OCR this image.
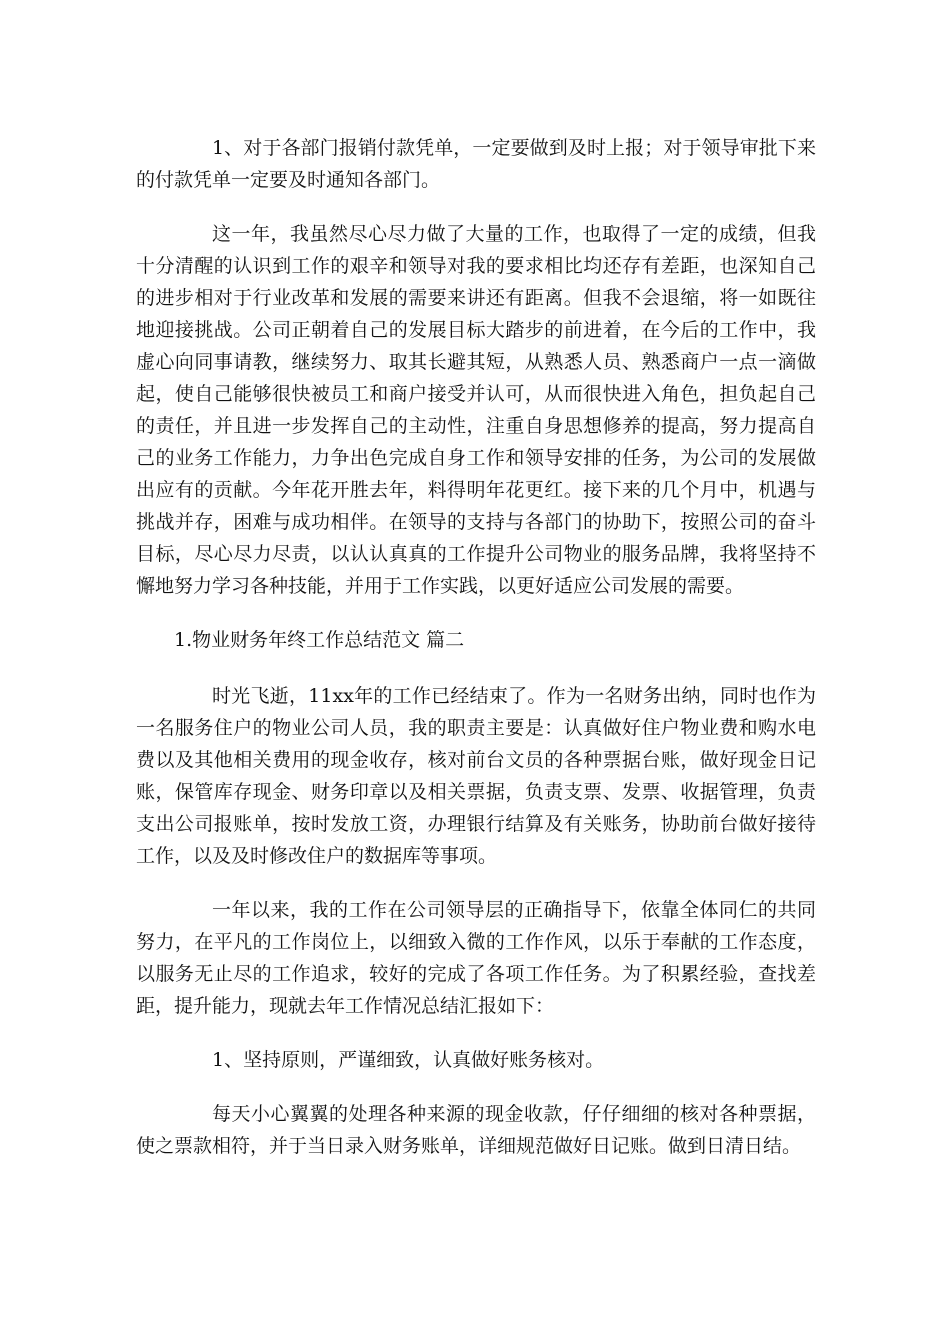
1、对于各部门报销付款凭单，一定要做到及时上报；对于领导审批下来的付款凭单一定要及时通知各部门。

这一年，我虽然尽心尽力做了大量的工作，也取得了一定的成绩，但我十分清醒的认识到工作的艰辛和领导对我的要求相比均还存有差距，也深知自己的进步相对于行业改革和发展的需要来讲还有距离。但我不会退缩，将一如既往地迎接挑战。公司正朝着自己的发展目标大踏步的前进着，在今后的工作中，我虚心向同事请教，继续努力、取其长避其短，从熟悉人员、熟悉商户一点一滴做起，使自己能够很快被员工和商户接受并认可，从而很快进入角色，担负起自己的责任，并且进一步发挥自己的主动性，注重自身思想修养的提高，努力提高自己的业务工作能力，力争出色完成自身工作和领导安排的任务，为公司的发展做出应有的贡献。今年花开胜去年，料得明年花更红。接下来的几个月中，机遇与挑战并存，困难与成功相伴。在领导的支持与各部门的协助下，按照公司的奋斗目标，尽心尽力尽责，以认认真真的工作提升公司物业的服务品牌，我将坚持不懈地努力学习各种技能，并用于工作实践，以更好适应公司发展的需要。

1.物业财务年终工作总结范文 篇二

时光飞逝，11xx年的工作已经结束了。作为一名财务出纳，同时也作为一名服务住户的物业公司人员，我的职责主要是：认真做好住户物业费和购水电费以及其他相关费用的现金收存，核对前台文员的各种票据台账，做好现金日记账，保管库存现金、财务印章以及相关票据，负责支票、发票、收据管理，负责支出公司报账单，按时发放工资，办理银行结算及有关账务，协助前台做好接待工作，以及及时修改住户的数据库等事项。

一年以来，我的工作在公司领导层的正确指导下，依靠全体同仁的共同努力，在平凡的工作岗位上，以细致入微的工作作风，以乐于奉献的工作态度，以服务无止尽的工作追求，较好的完成了各项工作任务。为了积累经验，查找差距，提升能力，现就去年工作情况总结汇报如下：

1、坚持原则，严谨细致，认真做好账务核对。

每天小心翼翼的处理各种来源的现金收款，仔仔细细的核对各种票据，使之票款相符，并于当日录入财务账单，详细规范做好日记账。做到日清日结。
